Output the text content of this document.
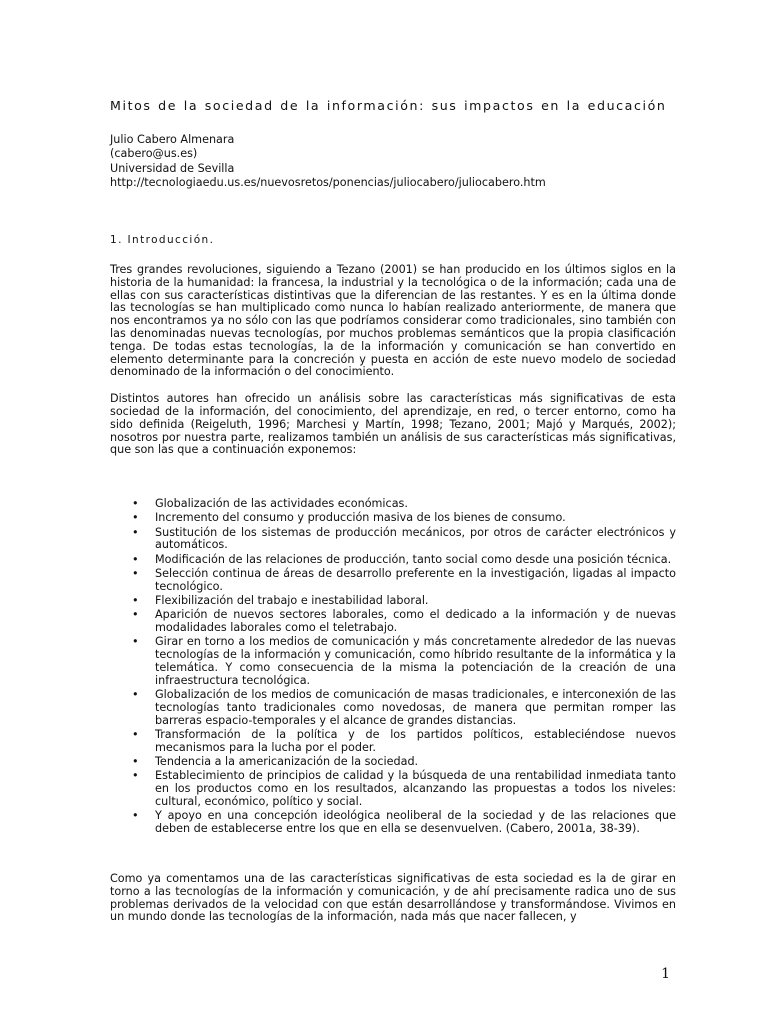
Mitos de la sociedad de la información: sus impactos en la educación
Julio Cabero Almenara
(cabero@us.es)
Universidad de Sevilla
http://tecnologiaedu.us.es/nuevosretos/ponencias/juliocabero/juliocabero.htm
1. Introducción.

Tres grandes revoluciones, siguiendo a Tezano (2001) se han producido en los últimos siglos en la historia de la humanidad: la francesa, la industrial y la tecnológica o de la información; cada una de ellas con sus características distintivas que la diferencian de las restantes. Y es en la última donde las tecnologías se han multiplicado como nunca lo habían realizado anteriormente, de manera que nos encontramos ya no sólo con las que podríamos considerar como tradicionales, sino también con las denominadas nuevas tecnologías, por muchos problemas semánticos que la propia clasificación tenga. De todas estas tecnologías, la de la información y comunicación se han convertido en elemento determinante para la concreción y puesta en acción de este nuevo modelo de sociedad denominado de la información o del conocimiento.

Distintos autores han ofrecido un análisis sobre las características más significativas de esta sociedad de la información, del conocimiento, del aprendizaje, en red, o tercer entorno, como ha sido definida (Reigeluth, 1996; Marchesi y Martín, 1998; Tezano, 2001; Majó y Marqués, 2002); nosotros por nuestra parte, realizamos también un análisis de sus características más significativas, que son las que a continuación exponemos:

• Globalización de las actividades económicas.
• Incremento del consumo y producción masiva de los bienes de consumo.
• Sustitución de los sistemas de producción mecánicos, por otros de carácter electrónicos y automáticos.
• Modificación de las relaciones de producción, tanto social como desde una posición técnica.
• Selección continua de áreas de desarrollo preferente en la investigación, ligadas al impacto tecnológico.
• Flexibilización del trabajo e inestabilidad laboral.
• Aparición de nuevos sectores laborales, como el dedicado a la información y de nuevas modalidades laborales como el teletrabajo.
• Girar en torno a los medios de comunicación y más concretamente alrededor de las nuevas tecnologías de la información y comunicación, como híbrido resultante de la informática y la telemática. Y como consecuencia de la misma la potenciación de la creación de una infraestructura tecnológica.
• Globalización de los medios de comunicación de masas tradicionales, e interconexión de las tecnologías tanto tradicionales como novedosas, de manera que permitan romper las barreras espacio-temporales y el alcance de grandes distancias.
• Transformación de la política y de los partidos políticos, estableciéndose nuevos mecanismos para la lucha por el poder.
• Tendencia a la americanización de la sociedad.
• Establecimiento de principios de calidad y la búsqueda de una rentabilidad inmediata tanto en los productos como en los resultados, alcanzando las propuestas a todos los niveles: cultural, económico, político y social.
• Y apoyo en una concepción ideológica neoliberal de la sociedad y de las relaciones que deben de establecerse entre los que en ella se desenvuelven. (Cabero, 2001a, 38-39).

Como ya comentamos una de las características significativas de esta sociedad es la de girar en torno a las tecnologías de la información y comunicación, y de ahí precisamente radica uno de sus problemas derivados de la velocidad con que están desarrollándose y transformándose. Vivimos en un mundo donde las tecnologías de la información, nada más que nacer fallecen, y

1
